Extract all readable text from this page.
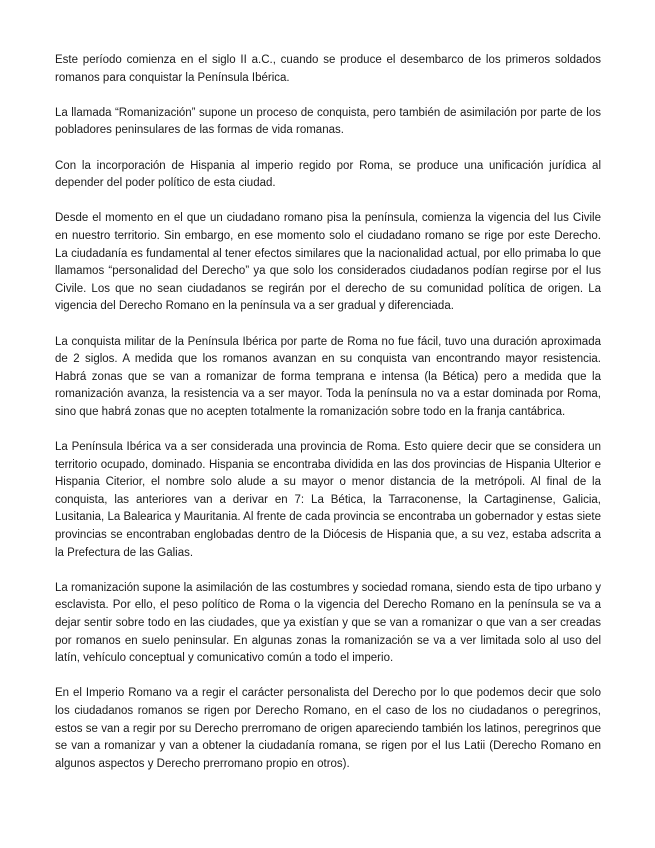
Este período comienza en el siglo II a.C., cuando se produce el desembarco de los primeros soldados romanos para conquistar la Península Ibérica.

La llamada “Romanización” supone un proceso de conquista, pero también de asimilación por parte de los pobladores peninsulares de las formas de vida romanas.

Con la incorporación de Hispania al imperio regido por Roma, se produce una unificación jurídica al depender del poder político de esta ciudad.

Desde el momento en el que un ciudadano romano pisa la península, comienza la vigencia del Ius Civile en nuestro territorio. Sin embargo, en ese momento solo el ciudadano romano se rige por este Derecho. La ciudadanía es fundamental al tener efectos similares que la nacionalidad actual, por ello primaba lo que llamamos “personalidad del Derecho” ya que solo los considerados ciudadanos podían regirse por el Ius Civile. Los que no sean ciudadanos se regirán por el derecho de su comunidad política de origen. La vigencia del Derecho Romano en la península va a ser gradual y diferenciada.

La conquista militar de la Península Ibérica por parte de Roma no fue fácil, tuvo una duración aproximada de 2 siglos. A medida que los romanos avanzan en su conquista van encontrando mayor resistencia. Habrá zonas que se van a romanizar de forma temprana e intensa (la Bética) pero a medida que la romanización avanza, la resistencia va a ser mayor. Toda la península no va a estar dominada por Roma, sino que habrá zonas que no acepten totalmente la romanización sobre todo en la franja cantábrica.

La Península Ibérica va a ser considerada una provincia de Roma. Esto quiere decir que se considera un territorio ocupado, dominado. Hispania se encontraba dividida en las dos provincias de Hispania Ulterior e Hispania Citerior, el nombre solo alude a su mayor o menor distancia de la metrópoli. Al final de la conquista, las anteriores van a derivar en 7: La Bética, la Tarraconense, la Cartaginense, Galicia, Lusitania, La Balearica y Mauritania. Al frente de cada provincia se encontraba un gobernador y estas siete provincias se encontraban englobadas dentro de la Diócesis de Hispania que, a su vez, estaba adscrita a la Prefectura de las Galias.

La romanización supone la asimilación de las costumbres y sociedad romana, siendo esta de tipo urbano y esclavista. Por ello, el peso político de Roma o la vigencia del Derecho Romano en la península se va a dejar sentir sobre todo en las ciudades, que ya existían y que se van a romanizar o que van a ser creadas por romanos en suelo peninsular. En algunas zonas la romanización se va a ver limitada solo al uso del latín, vehículo conceptual y comunicativo común a todo el imperio.

En el Imperio Romano va a regir el carácter personalista del Derecho por lo que podemos decir que solo los ciudadanos romanos se rigen por Derecho Romano, en el caso de los no ciudadanos o peregrinos, estos se van a regir por su Derecho prerromano de origen apareciendo también los latinos, peregrinos que se van a romanizar y van a obtener la ciudadanía romana, se rigen por el Ius Latii (Derecho Romano en algunos aspectos y Derecho prerromano propio en otros).
